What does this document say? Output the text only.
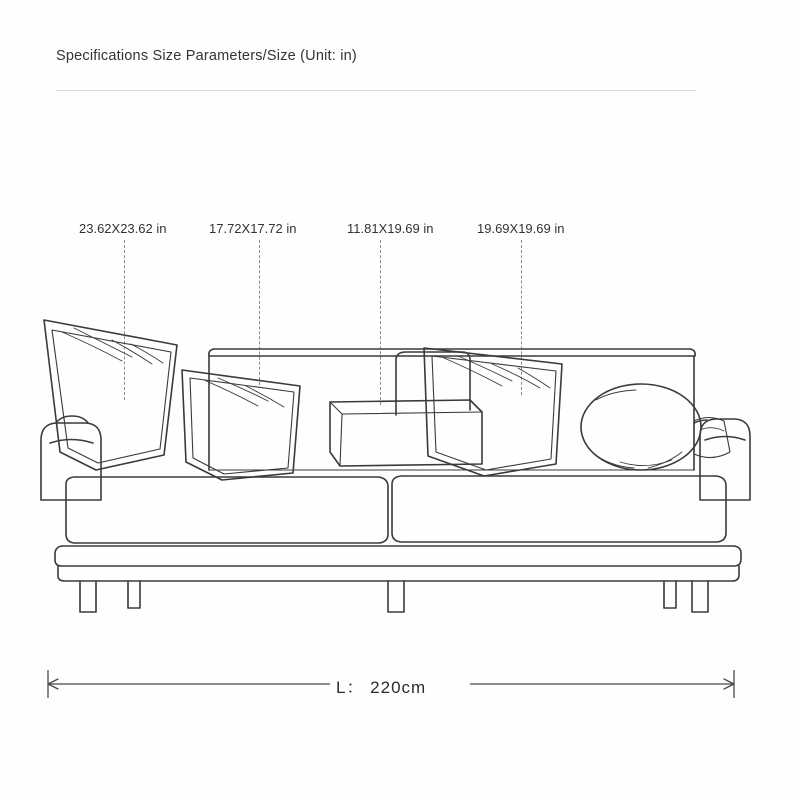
Specifications Size Parameters/Size (Unit: in)
23.62X23.62 in	17.72X17.72 in	11.81X19.69 in	19.69X19.69 in
L： 220cm
